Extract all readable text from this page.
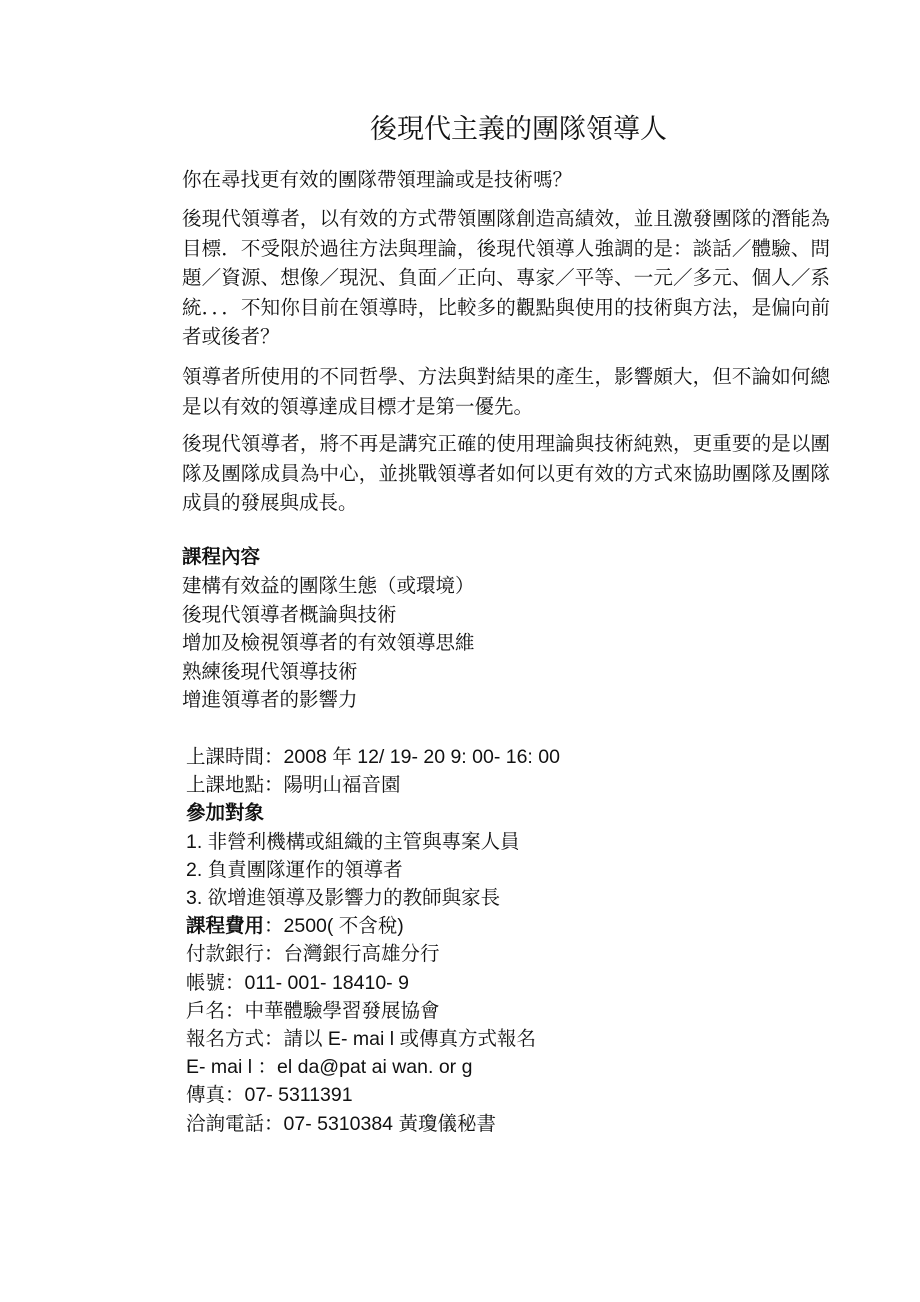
後現代主義的團隊領導人

你在尋找更有效的團隊帶領理論或是技術嗎？

後現代領導者，以有效的方式帶領團隊創造高績效，並且激發團隊的潛能為目標．不受限於過往方法與理論，後現代領導人強調的是：談話／體驗、問題／資源、想像／現況、負面／正向、專家／平等、一元／多元、個人／系統．．．不知你目前在領導時，比較多的觀點與使用的技術與方法，是偏向前者或後者？

領導者所使用的不同哲學、方法與對結果的產生，影響頗大，但不論如何總是以有效的領導達成目標才是第一優先。

後現代領導者，將不再是講究正確的使用理論與技術純熟，更重要的是以團隊及團隊成員為中心，並挑戰領導者如何以更有效的方式來協助團隊及團隊成員的發展與成長。

課程內容
建構有效益的團隊生態（或環境）
後現代領導者概論與技術
增加及檢視領導者的有效領導思維
熟練後現代領導技術
增進領導者的影響力
上課時間：2008 年 12/ 19- 20 9: 00- 16: 00
上課地點：陽明山福音園
參加對象
1. 非營利機構或組織的主管與專案人員
2. 負責團隊運作的領導者
3. 欲增進領導及影響力的教師與家長
課程費用：2500( 不含稅)
付款銀行：台灣銀行高雄分行
帳號：011- 001- 18410- 9
戶名：中華體驗學習發展協會
報名方式：請以 E- mai l 或傳真方式報名
E- mai l ：el da@pat ai wan. or g
傳真：07- 5311391
洽詢電話：07- 5310384 黃瓊儀秘書
